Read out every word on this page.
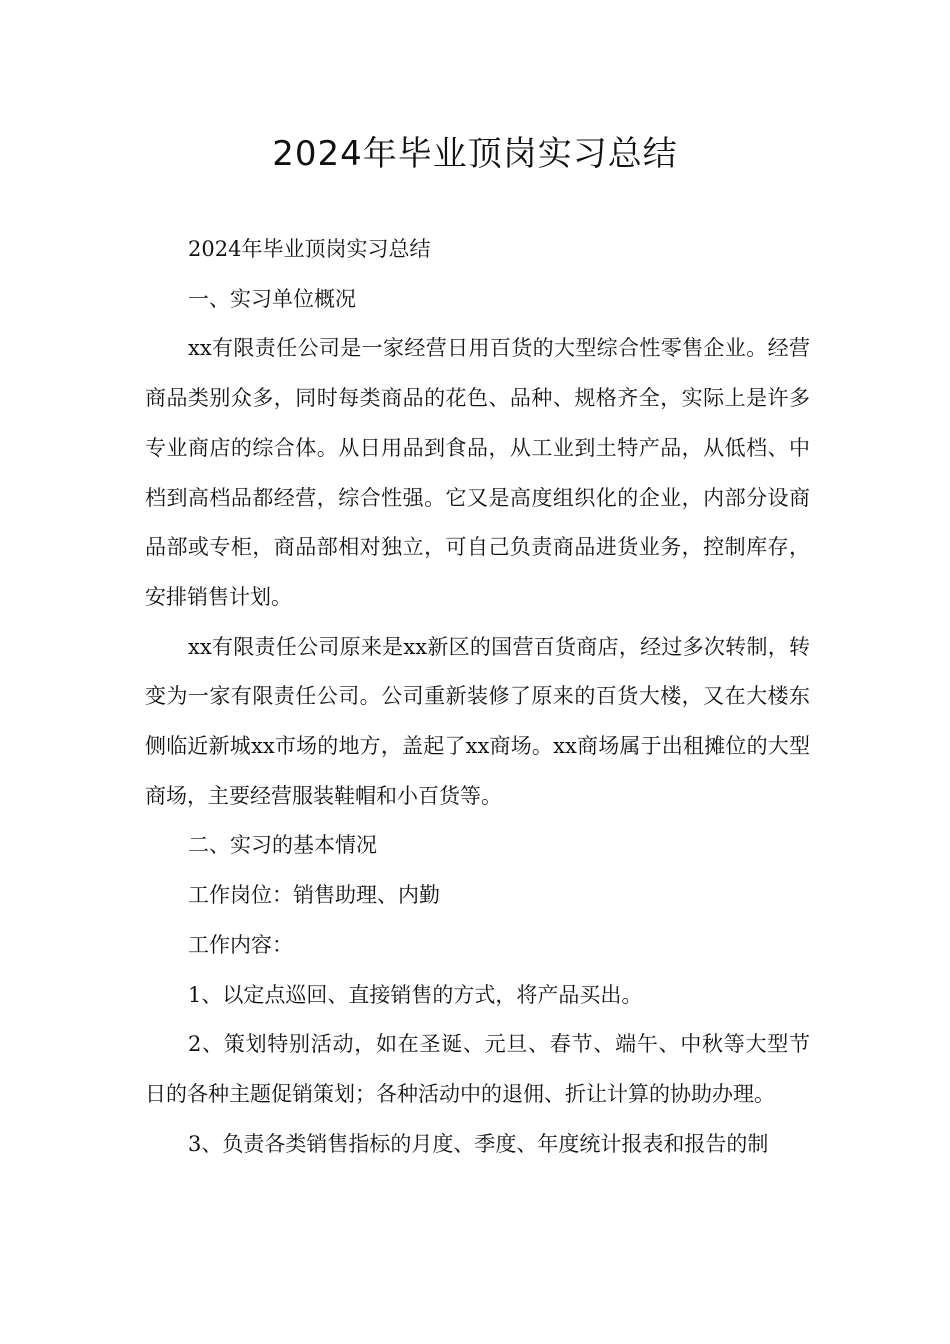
2024年毕业顶岗实习总结

2024年毕业顶岗实习总结

一、实习单位概况

xx有限责任公司是一家经营日用百货的大型综合性零售企业。经营商品类别众多，同时每类商品的花色、品种、规格齐全，实际上是许多专业商店的综合体。从日用品到食品，从工业到土特产品，从低档、中档到高档品都经营，综合性强。它又是高度组织化的企业，内部分设商品部或专柜，商品部相对独立，可自己负责商品进货业务，控制库存，安排销售计划。

xx有限责任公司原来是xx新区的国营百货商店，经过多次转制，转变为一家有限责任公司。公司重新装修了原来的百货大楼，又在大楼东侧临近新城xx市场的地方，盖起了xx商场。xx商场属于出租摊位的大型商场，主要经营服装鞋帽和小百货等。

二、实习的基本情况

工作岗位：销售助理、内勤

工作内容：

1、以定点巡回、直接销售的方式，将产品买出。

2、策划特别活动，如在圣诞、元旦、春节、端午、中秋等大型节日的各种主题促销策划；各种活动中的退佣、折让计算的协助办理。

3、负责各类销售指标的月度、季度、年度统计报表和报告的制
